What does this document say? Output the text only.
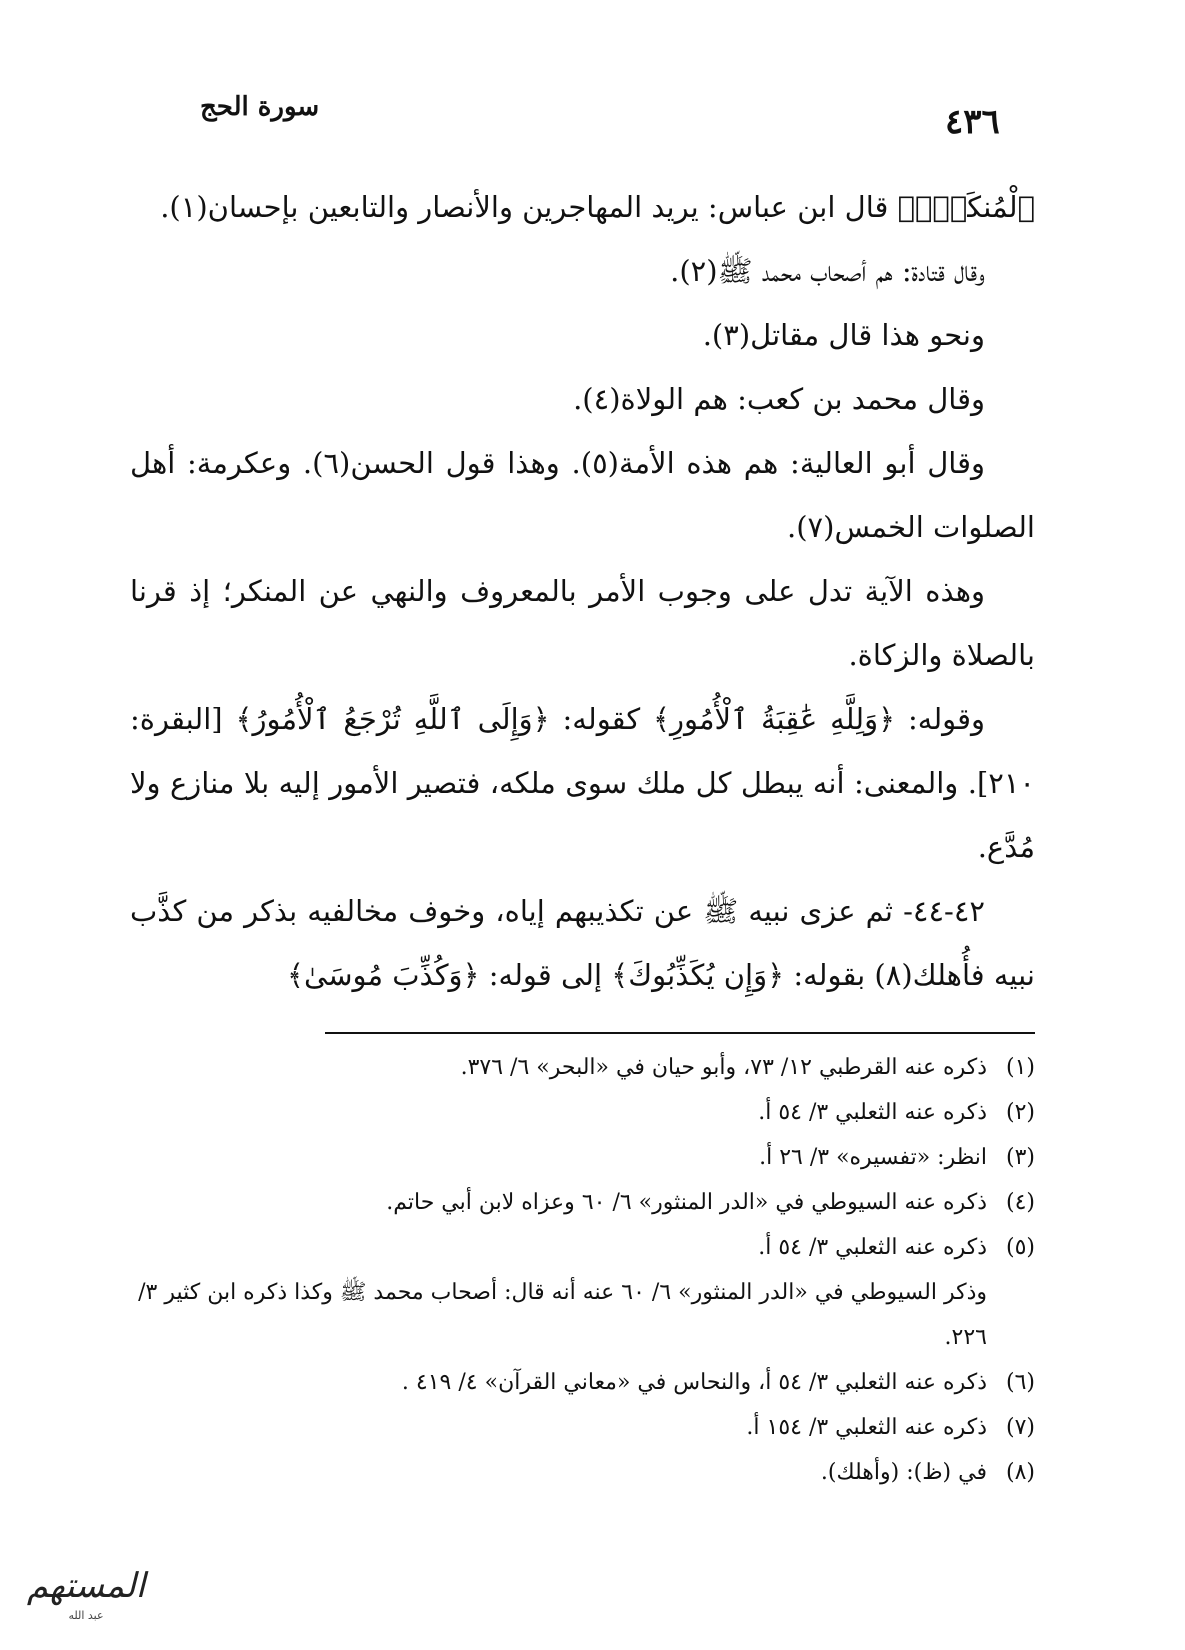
سورة الحج	٤٣٦

ٱلْمُنكَرِۗ﴾ قال ابن عباس: يريد المهاجرين والأنصار والتابعين بإحسان(١).

وقال قتادة: هم أصحاب محمد ﷺ(٢).

ونحو هذا قال مقاتل(٣).

وقال محمد بن كعب: هم الولاة(٤).

وقال أبو العالية: هم هذه الأمة(٥). وهذا قول الحسن(٦). وعكرمة: أهل الصلوات الخمس(٧).

وهذه الآية تدل على وجوب الأمر بالمعروف والنهي عن المنكر؛ إذ قرنا بالصلاة والزكاة.

وقوله: ﴿وَلِلَّهِ عَٰقِبَةُ ٱلْأُمُورِ﴾ كقوله: ﴿وَإِلَى ٱللَّهِ تُرْجَعُ ٱلْأُمُورُ﴾ [البقرة: ٢١٠]. والمعنى: أنه يبطل كل ملك سوى ملكه، فتصير الأمور إليه بلا منازع ولا مُدَّع.

٤٢-٤٤- ثم عزى نبيه ﷺ عن تكذيبهم إياه، وخوف مخالفيه بذكر من كذَّب نبيه فأُهلك(٨) بقوله: ﴿وَإِن يُكَذِّبُوكَ﴾ إلى قوله: ﴿وَكُذِّبَ مُوسَىٰ﴾

(١)
ذكره عنه القرطبي ١٢/ ٧٣، وأبو حيان في «البحر» ٦/ ٣٧٦.
(٢)
ذكره عنه الثعلبي ٣/ ٥٤ أ.
(٣)
انظر: «تفسيره» ٣/ ٢٦ أ.
(٤)
ذكره عنه السيوطي في «الدر المنثور» ٦/ ٦٠ وعزاه لابن أبي حاتم.
(٥)
ذكره عنه الثعلبي ٣/ ٥٤ أ.
وذكر السيوطي في «الدر المنثور» ٦/ ٦٠ عنه أنه قال: أصحاب محمد ﷺ وكذا ذكره ابن كثير ٣/ ٢٢٦.
(٦)
ذكره عنه الثعلبي ٣/ ٥٤ أ، والنحاس في «معاني القرآن» ٤/ ٤١٩ .
(٧)
ذكره عنه الثعلبي ٣/ ١٥٤ أ.
(٨)
في (ظ): (وأهلك).
المستهم
عبد الله
